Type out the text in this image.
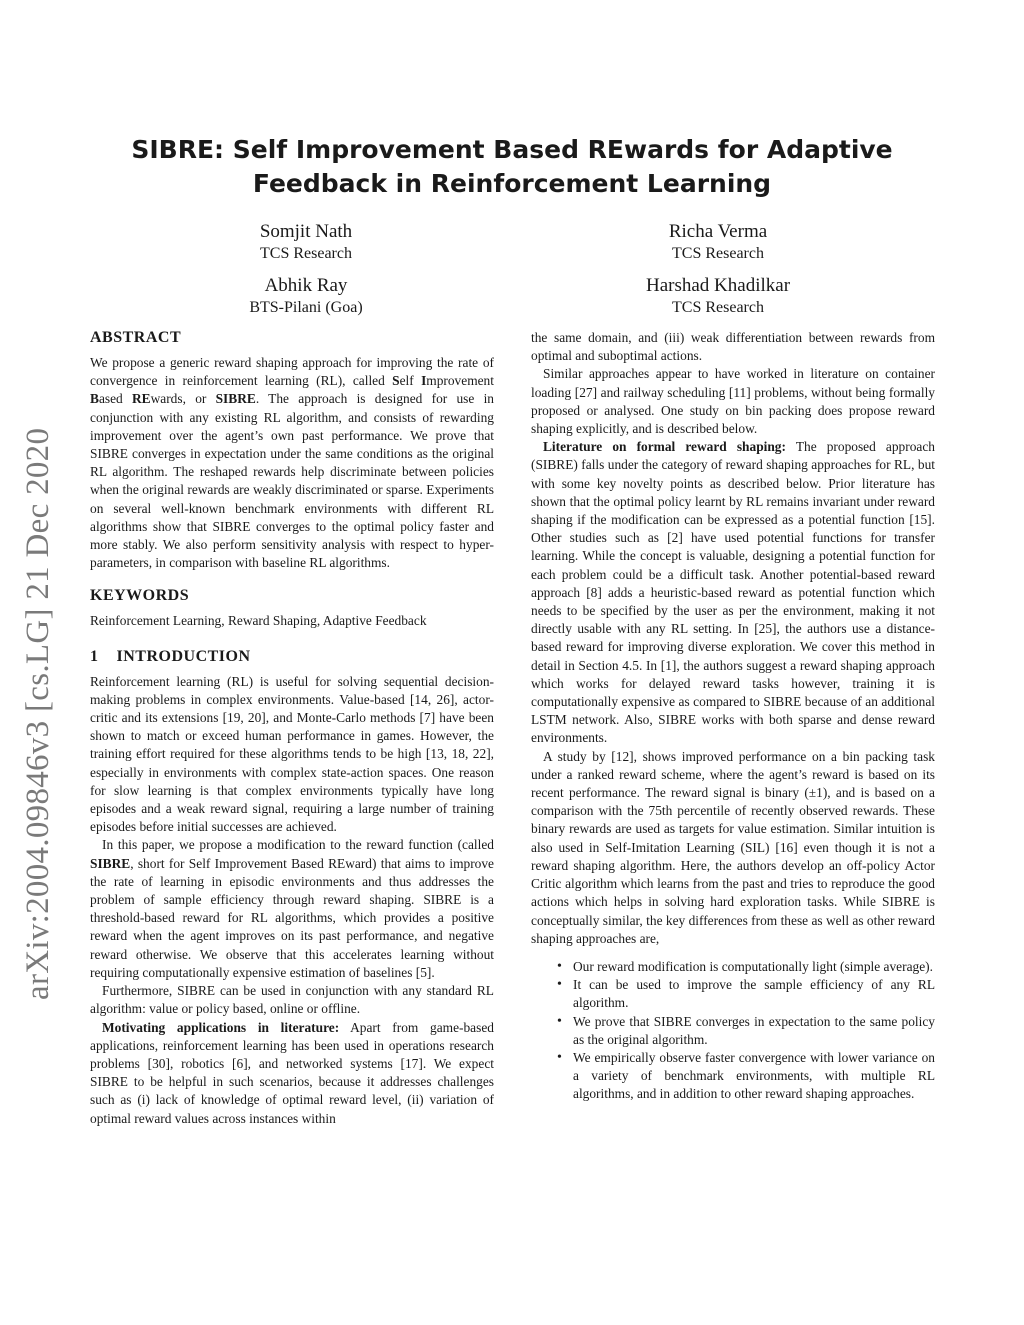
arXiv:2004.09846v3 [cs.LG] 21 Dec 2020
SIBRE: Self Improvement Based REwards for Adaptive Feedback in Reinforcement Learning
Somjit Nath
TCS Research
Richa Verma
TCS Research
Abhik Ray
BTS-Pilani (Goa)
Harshad Khadilkar
TCS Research
ABSTRACT

We propose a generic reward shaping approach for improving the rate of convergence in reinforcement learning (RL), called Self Improvement Based REwards, or SIBRE. The approach is designed for use in conjunction with any existing RL algorithm, and consists of rewarding improvement over the agent’s own past performance. We prove that SIBRE converges in expectation under the same conditions as the original RL algorithm. The reshaped rewards help discriminate between policies when the original rewards are weakly discriminated or sparse. Experiments on several well-known benchmark environments with different RL algorithms show that SIBRE converges to the optimal policy faster and more stably. We also perform sensitivity analysis with respect to hyper-parameters, in comparison with baseline RL algorithms.

KEYWORDS

Reinforcement Learning, Reward Shaping, Adaptive Feedback

1 INTRODUCTION

Reinforcement learning (RL) is useful for solving sequential decision-making problems in complex environments. Value-based [14, 26], actor-critic and its extensions [19, 20], and Monte-Carlo methods [7] have been shown to match or exceed human performance in games. However, the training effort required for these algorithms tends to be high [13, 18, 22], especially in environments with complex state-action spaces. One reason for slow learning is that complex environments typically have long episodes and a weak reward signal, requiring a large number of training episodes before initial successes are achieved.

In this paper, we propose a modification to the reward function (called SIBRE, short for Self Improvement Based REward) that aims to improve the rate of learning in episodic environments and thus addresses the problem of sample efficiency through reward shaping. SIBRE is a threshold-based reward for RL algorithms, which provides a positive reward when the agent improves on its past performance, and negative reward otherwise. We observe that this accelerates learning without requiring computationally expensive estimation of baselines [5].

Furthermore, SIBRE can be used in conjunction with any standard RL algorithm: value or policy based, online or offline.

Motivating applications in literature: Apart from game-based applications, reinforcement learning has been used in operations research problems [30], robotics [6], and networked systems [17]. We expect SIBRE to be helpful in such scenarios, because it addresses challenges such as (i) lack of knowledge of optimal reward level, (ii) variation of optimal reward values across instances within

the same domain, and (iii) weak differentiation between rewards from optimal and suboptimal actions.

Similar approaches appear to have worked in literature on container loading [27] and railway scheduling [11] problems, without being formally proposed or analysed. One study on bin packing does propose reward shaping explicitly, and is described below.

Literature on formal reward shaping: The proposed approach (SIBRE) falls under the category of reward shaping approaches for RL, but with some key novelty points as described below. Prior literature has shown that the optimal policy learnt by RL remains invariant under reward shaping if the modification can be expressed as a potential function [15]. Other studies such as [2] have used potential functions for transfer learning. While the concept is valuable, designing a potential function for each problem could be a difficult task. Another potential-based reward approach [8] adds a heuristic-based reward as potential function which needs to be specified by the user as per the environment, making it not directly usable with any RL setting. In [25], the authors use a distance-based reward for improving diverse exploration. We cover this method in detail in Section 4.5. In [1], the authors suggest a reward shaping approach which works for delayed reward tasks however, training it is computationally expensive as compared to SIBRE because of an additional LSTM network. Also, SIBRE works with both sparse and dense reward environments.

A study by [12], shows improved performance on a bin packing task under a ranked reward scheme, where the agent’s reward is based on its recent performance. The reward signal is binary (±1), and is based on a comparison with the 75th percentile of recently observed rewards. These binary rewards are used as targets for value estimation. Similar intuition is also used in Self-Imitation Learning (SIL) [16] even though it is not a reward shaping algorithm. Here, the authors develop an off-policy Actor Critic algorithm which learns from the past and tries to reproduce the good actions which helps in solving hard exploration tasks. While SIBRE is conceptually similar, the key differences from these as well as other reward shaping approaches are,

• Our reward modification is computationally light (simple average).
• It can be used to improve the sample efficiency of any RL algorithm.
• We prove that SIBRE converges in expectation to the same policy as the original algorithm.
• We empirically observe faster convergence with lower variance on a variety of benchmark environments, with multiple RL algorithms, and in addition to other reward shaping approaches.
